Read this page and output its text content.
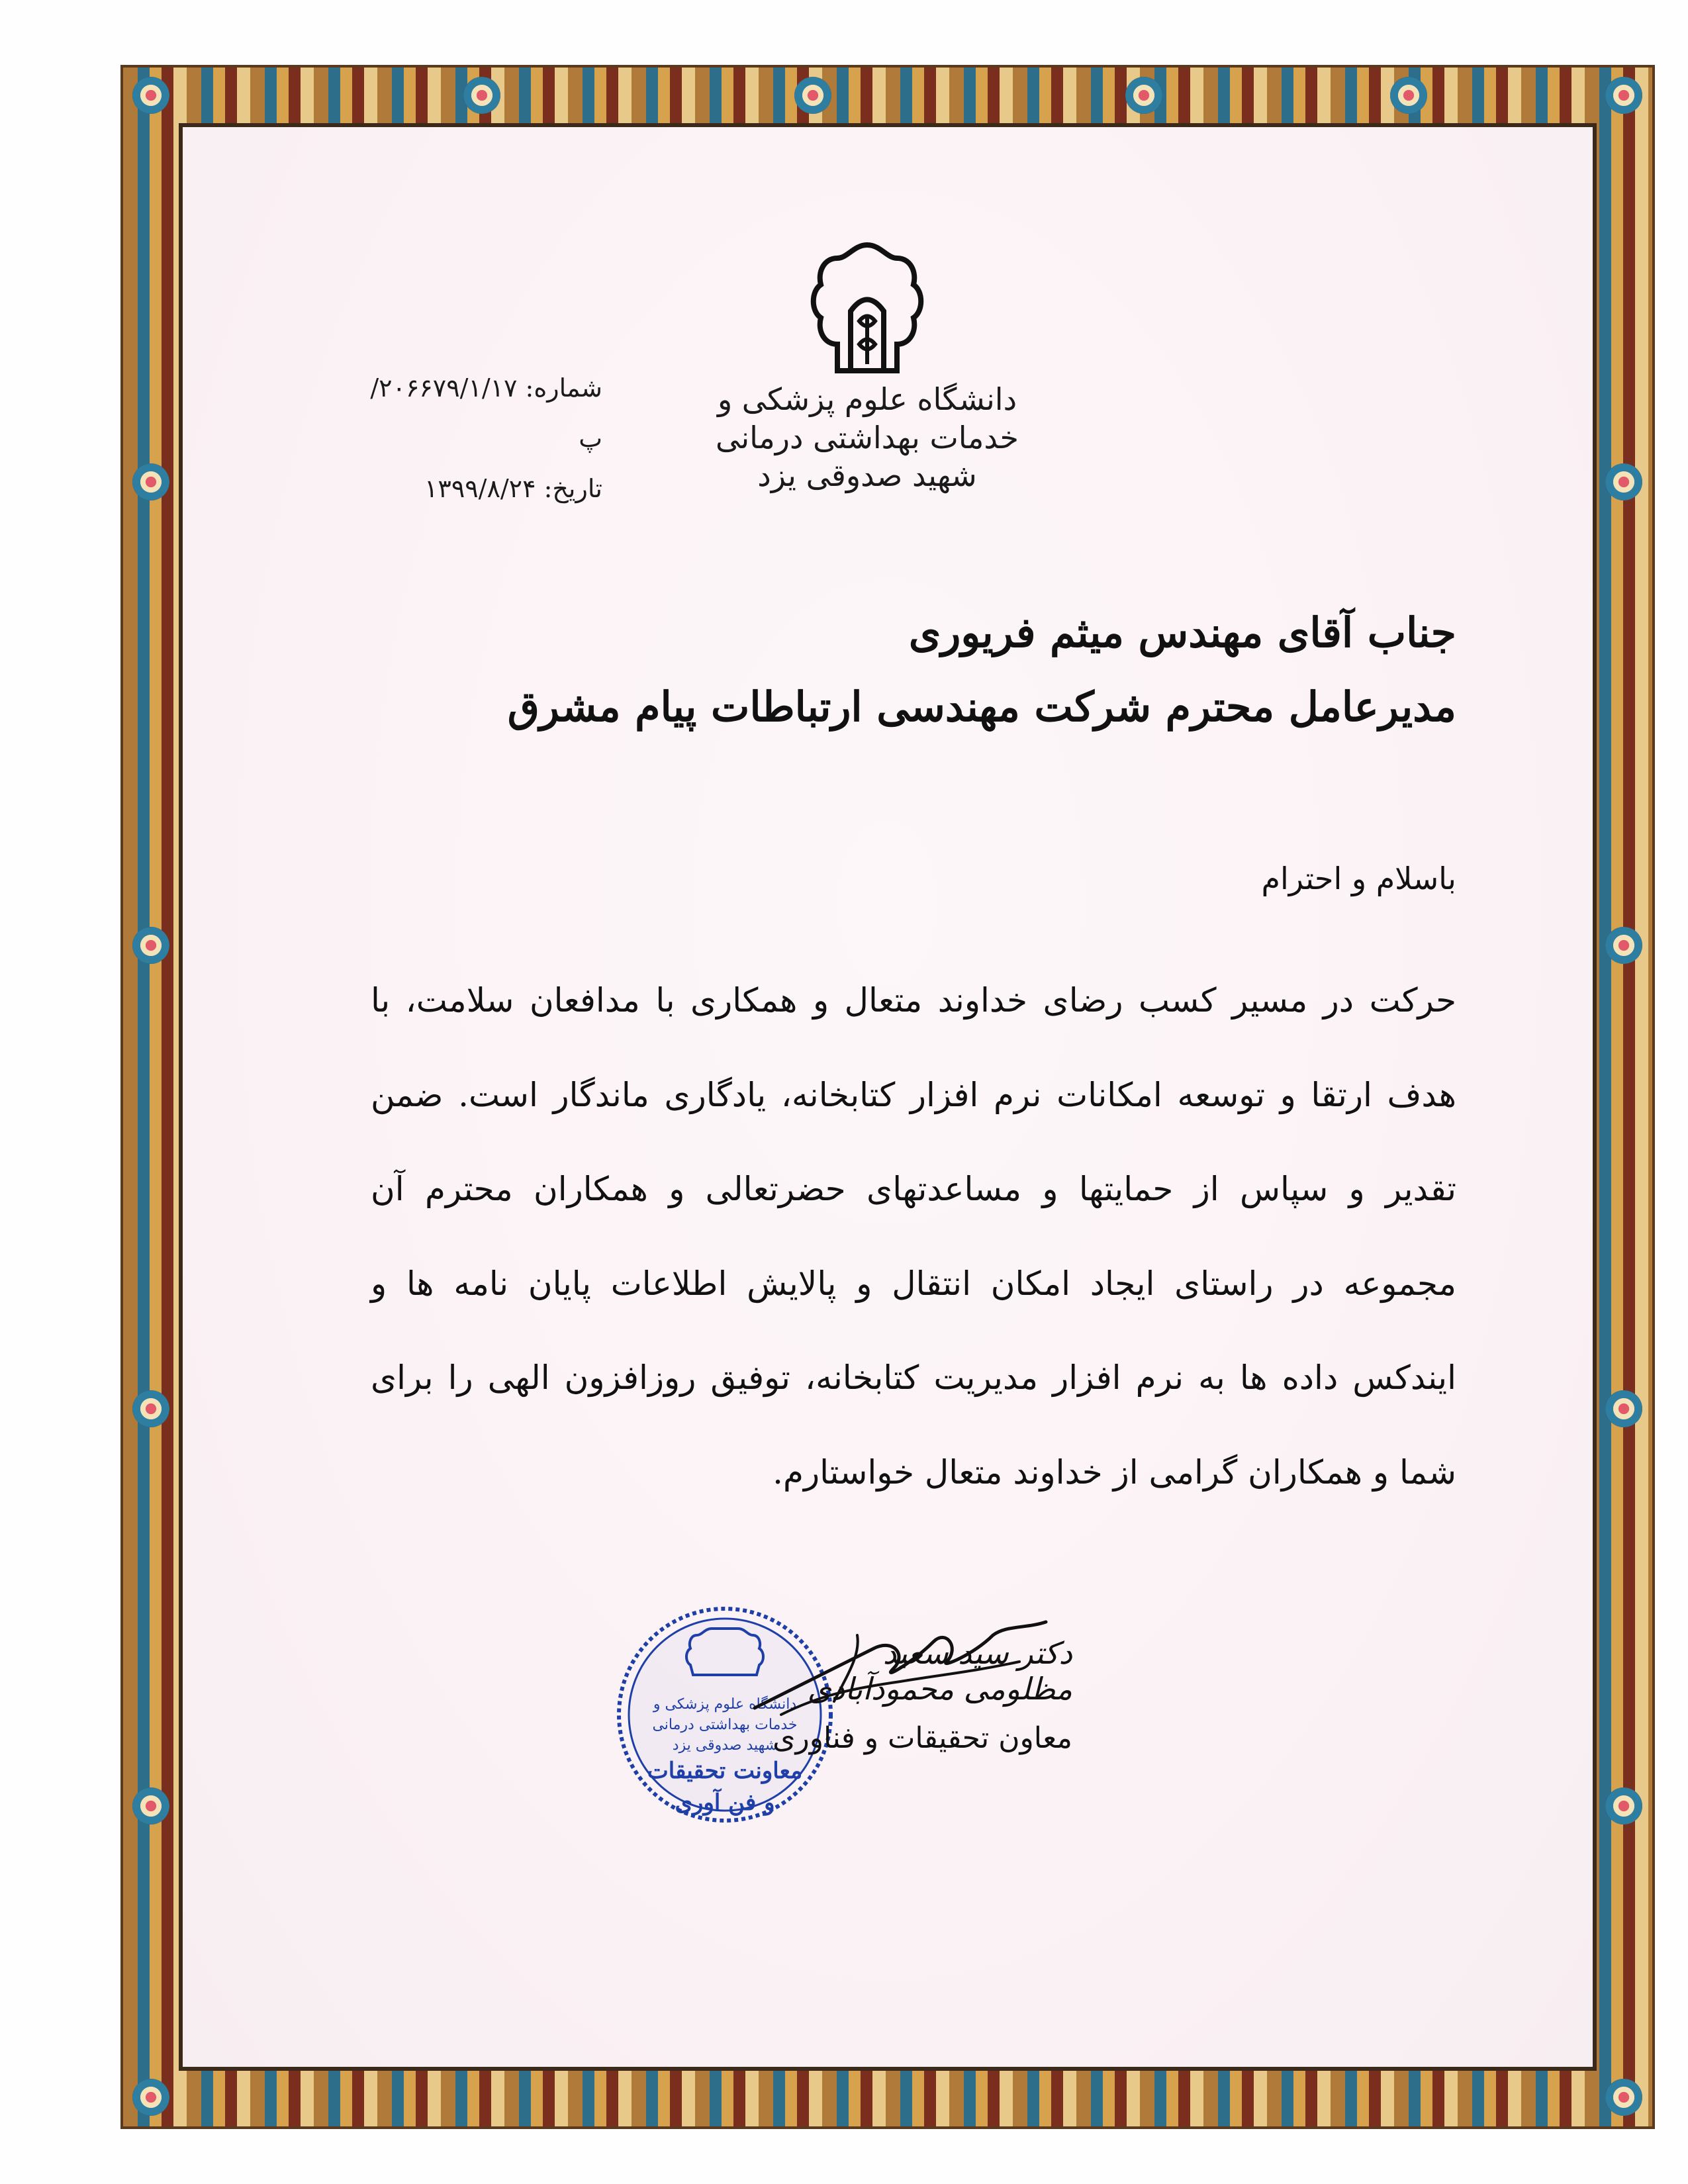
دانشگاه علوم پزشکی و خدمات بهداشتی درمانی
شهید صدوقی یزد
شماره: ۲۰۶۶۷۹/۱/۱۷/پ
تاریخ: ۱۳۹۹/۸/۲۴
جناب آقای مهندس میثم فریوری
مدیرعامل محترم شرکت مهندسی ارتباطات پیام مشرق
باسلام و احترام
حرکت در مسیر کسب رضای خداوند متعال و همکاری با مدافعان سلامت، با هدف ارتقا و توسعه امکانات نرم افزار کتابخانه، یادگاری ماندگار است. ضمن تقدیر و سپاس از حمایتها و مساعدتهای حضرتعالی و همکاران محترم آن مجموعه در راستای ایجاد امکان انتقال و پالایش اطلاعات پایان نامه ها و ایندکس داده ها به نرم افزار مدیریت کتابخانه، توفیق روزافزون الهی را برای شما و همکاران گرامی از خداوند متعال خواستارم.
دانشگاه علوم پزشکی و خدمات بهداشتی درمانی
شهید صدوقی یزد
معاونت تحقیقات
و فن آوری
دکتر سید سعید مظلومی محمودآبادی
معاون تحقیقات و فناوری
